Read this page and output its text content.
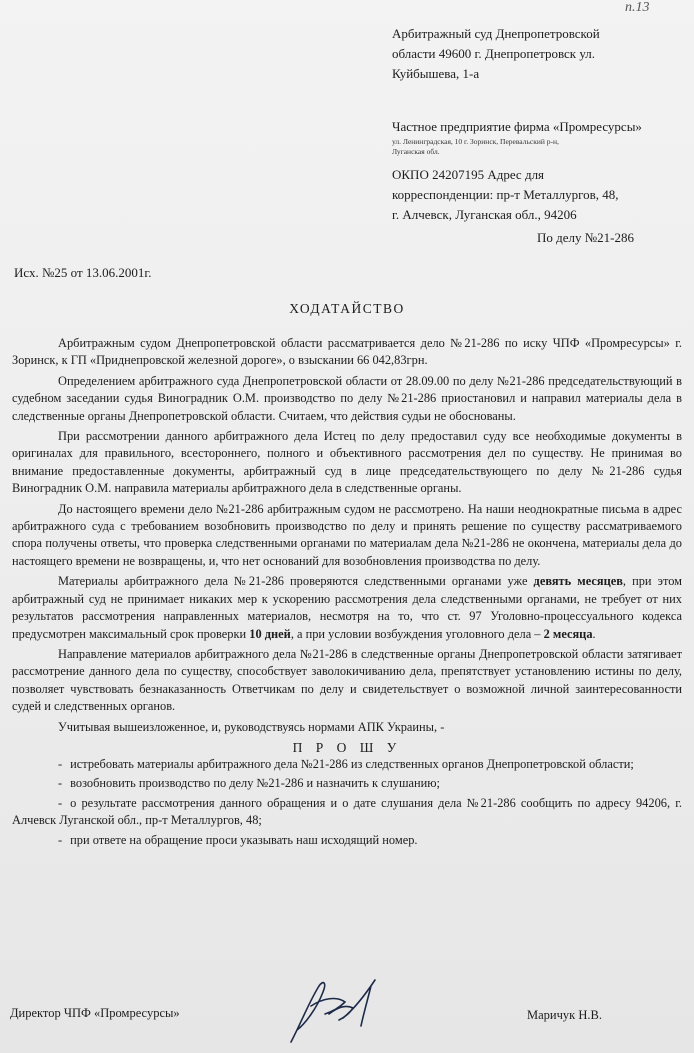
п.13
Арбитражный суд Днепропетровской
области 49600 г. Днепропетровск ул.
Куйбышева, 1-а
Частное предприятие фирма «Промресурсы»
ул. Ленинградская, 10 г. Зоринск, Перевальский р-н,
Луганская обл.
ОКПО 24207195 Адрес для
корреспонденции: пр-т Металлургов, 48,
г. Алчевск, Луганская обл., 94206
По делу №21-286
Исх. №25 от 13.06.2001г.
ХОДАТАЙСТВО

Арбитражным судом Днепропетровской области рассматривается дело №21-286 по иску ЧПФ «Промресурсы» г. Зоринск, к ГП «Приднепровской железной дороге», о взыскании 66 042,83грн.

Определением арбитражного суда Днепропетровской области от 28.09.00 по делу №21-286 председательствующий в судебном заседании судья Виноградник О.М. производство по делу №21-286 приостановил и направил материалы дела в следственные органы Днепропетровской области. Считаем, что действия судьи не обоснованы.

При рассмотрении данного арбитражного дела Истец по делу предоставил суду все необходимые документы в оригиналах для правильного, всестороннего, полного и объективного рассмотрения дел по существу. Не принимая во внимание предоставленные документы, арбитражный суд в лице председательствующего по делу №21-286 судья Виноградник О.М. направила материалы арбитражного дела в следственные органы.

До настоящего времени дело №21-286 арбитражным судом не рассмотрено. На наши неоднократные письма в адрес арбитражного суда с требованием возобновить производство по делу и принять решение по существу рассматриваемого спора получены ответы, что проверка следственными органами по материалам дела №21-286 не окончена, материалы дела до настоящего времени не возвращены, и, что нет оснований для возобновления производства по делу.

Материалы арбитражного дела №21-286 проверяются следственными органами уже девять месяцев, при этом арбитражный суд не принимает никаких мер к ускорению рассмотрения дела следственными органами, не требует от них результатов рассмотрения направленных материалов, несмотря на то, что ст. 97 Уголовно-процессуального кодекса предусмотрен максимальный срок проверки 10 дней, а при условии возбуждения уголовного дела – 2 месяца.

Направление материалов арбитражного дела №21-286 в следственные органы Днепропетровской области затягивает рассмотрение данного дела по существу, способствует заволокичиванию дела, препятствует установлению истины по делу, позволяет чувствовать безнаказанность Ответчикам по делу и свидетельствует о возможной личной заинтересованности судей и следственных органов.

Учитывая вышеизложенное, и, руководствуясь нормами АПК Украины, -

П Р О Ш У
- истребовать материалы арбитражного дела №21-286 из следственных органов Днепропетровской области;
- возобновить производство по делу №21-286 и назначить к слушанию;
- о результате рассмотрения данного обращения и о дате слушания дела №21-286 сообщить по адресу 94206, г. Алчевск Луганской обл., пр-т Металлургов, 48;
- при ответе на обращение проси указывать наш исходящий номер.
Директор ЧПФ «Промресурсы»	Маричук Н.В.
